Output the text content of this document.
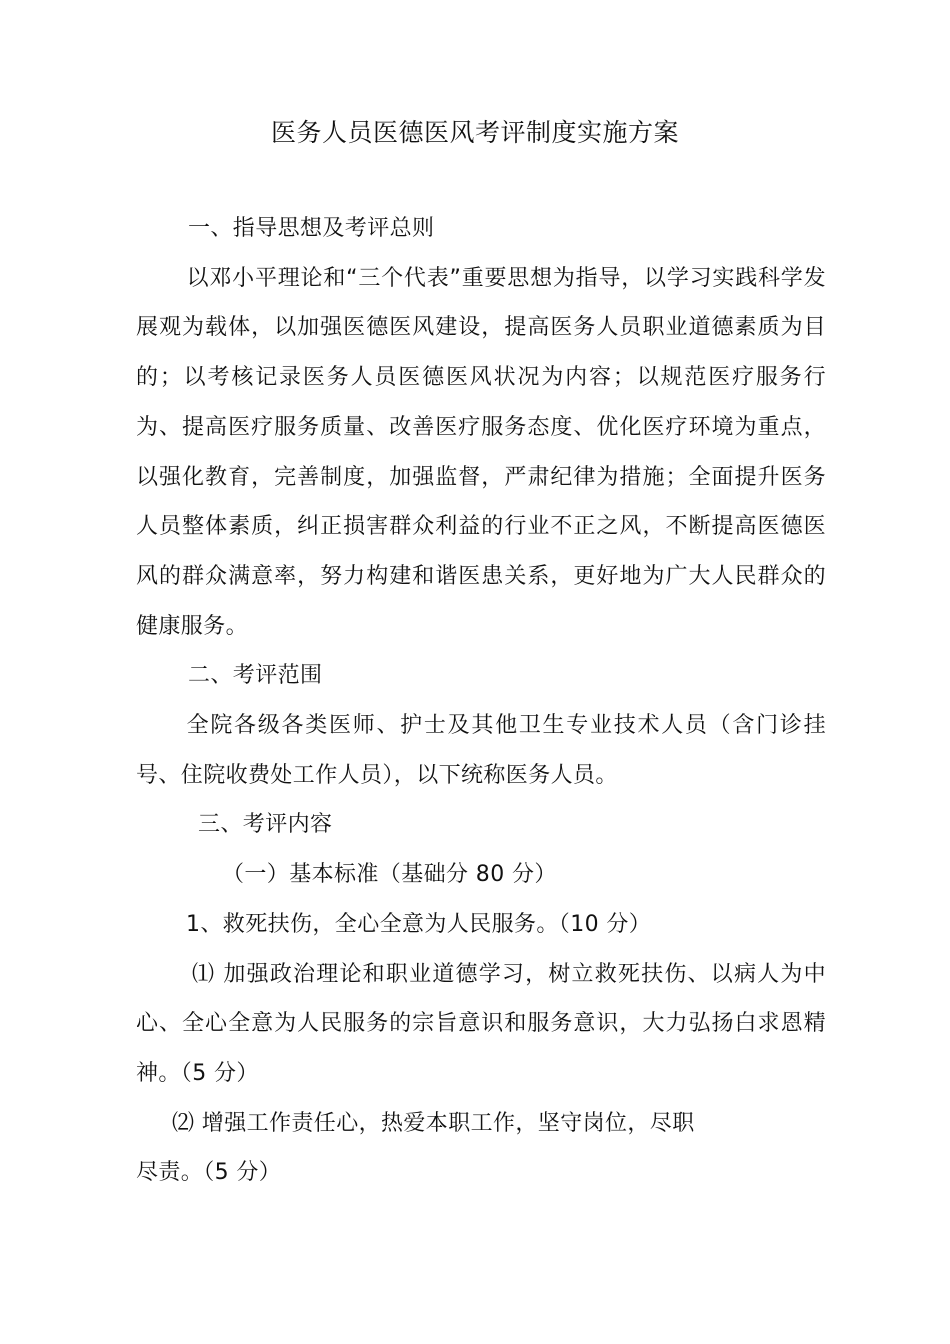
医务人员医德医风考评制度实施方案

一、指导思想及考评总则

以邓小平理论和“三个代表”重要思想为指导，以学习实践科学发展观为载体，以加强医德医风建设，提高医务人员职业道德素质为目的；以考核记录医务人员医德医风状况为内容；以规范医疗服务行为、提高医疗服务质量、改善医疗服务态度、优化医疗环境为重点，以强化教育，完善制度，加强监督，严肃纪律为措施；全面提升医务人员整体素质，纠正损害群众利益的行业不正之风，不断提高医德医风的群众满意率，努力构建和谐医患关系，更好地为广大人民群众的健康服务。

二、考评范围

全院各级各类医师、护士及其他卫生专业技术人员（含门诊挂号、住院收费处工作人员），以下统称医务人员。

三、考评内容

（一）基本标准（基础分 80 分）

1、救死扶伤，全心全意为人民服务。（10 分）

⑴ 加强政治理论和职业道德学习，树立救死扶伤、以病人为中心、全心全意为人民服务的宗旨意识和服务意识，大力弘扬白求恩精神。（5 分）

⑵ 增强工作责任心，热爱本职工作，坚守岗位，尽职
尽责。（5 分）
